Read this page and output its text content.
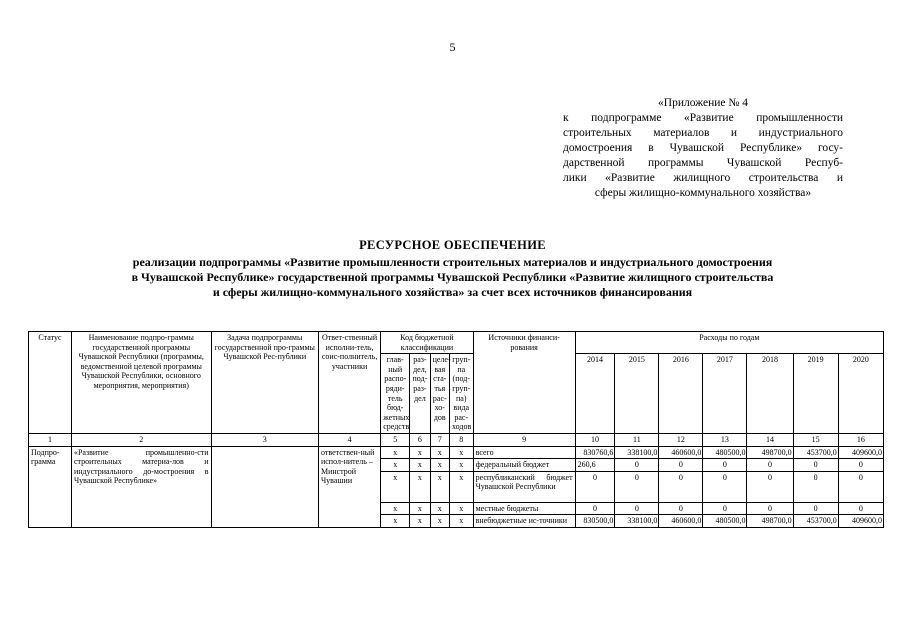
5
«Приложение № 4
к подпрограмме «Развитие промышленности
строительных материалов и индустриального
домостроения в Чувашской Республике» госу-
дарственной программы Чувашской Респуб-
лики «Развитие жилищного строительства и
сферы жилищно-коммунального хозяйства»
РЕСУРСНОЕ ОБЕСПЕЧЕНИЕ
реализации подпрограммы «Развитие промышленности строительных материалов и индустриального домостроения
в Чувашской Республике» государственной программы Чувашской Республики «Развитие жилищного строительства
и сферы жилищно-коммунального хозяйства» за счет всех источников финансирования
Статус	Наименование подпро-граммы государственной программы Чувашской Республики (программы, ведомственной целевой программы Чувашской Республики, основного мероприятия, мероприятия)	Задача подпрограммы государственной про-граммы Чувашской Рес-публики	Ответ-ственный исполни-тель, соис-полнитель, участники	Код бюджетной классификации				Источники финанси-рования	Расходы по годам						
				глав-ный распо-ряди-тель бюд-жетных средств	раз-дел, под-раз-дел	целе-вая ста-тья рас-хо-дов	груп-па (под-груп-па) вида рас-ходов		2014	2015	2016	2017	2018	2019	2020
1	2	3	4	5	6	7	8	9	10	11	12	13	14	15	16
Подпро-грамма	«Развитие промышленно-сти строительных материа-лов и индустриального до-мостроения в Чувашской Республике»		ответствен-ный испол-нитель – Минстрой Чувашии	х	х	х	х	всего	830760,6	338100,0	460600,0	480500,0	498700,0	453700,0	409600,0
				х	х	х	х	федеральный бюджет	260,6	0	0	0	0	0	0
				х	х	х	х	республиканский бюджет Чувашской Республики	0	0	0	0	0	0	0
				х	х	х	х	местные бюджеты	0	0	0	0	0	0	0
				х	х	х	х	внебюджетные ис-точники	830500,0	338100,0	460600,0	480500,0	498700,0	453700,0	409600,0
